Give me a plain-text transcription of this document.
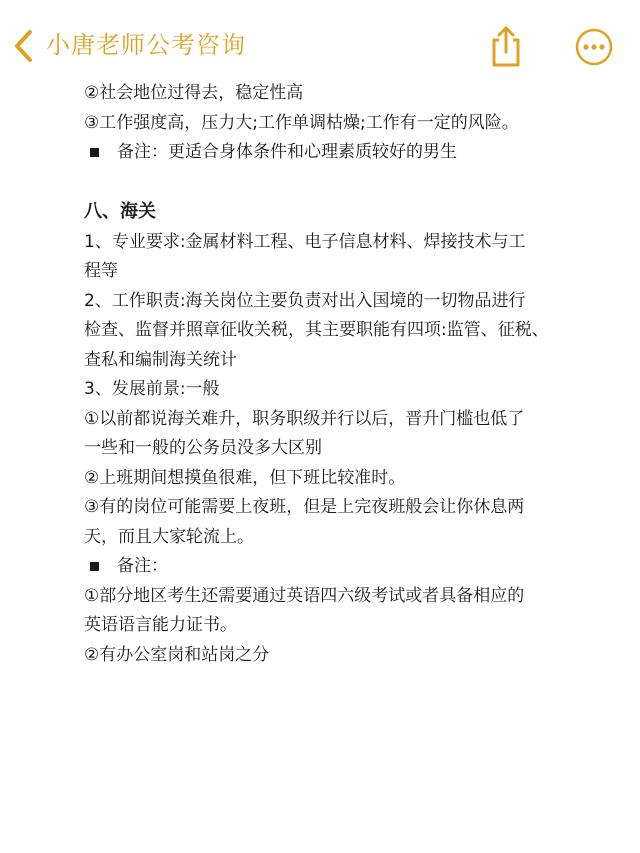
小唐老师公考咨询
②社会地位过得去，稳定性高
③工作强度高，压力大;工作单调枯燥;工作有一定的风险。
备注：更适合身体条件和心理素质较好的男生
八、海关
1、专业要求:金属材料工程、电子信息材料、焊接技术与工
程等
2、工作职责:海关岗位主要负责对出入国境的一切物品进行
检查、监督并照章征收关税，其主要职能有四项:监管、征税、
查私和编制海关统计
3、发展前景:一般
①以前都说海关难升，职务职级并行以后，晋升门槛也低了
一些和一般的公务员没多大区别
②上班期间想摸鱼很难，但下班比较准时。
③有的岗位可能需要上夜班，但是上完夜班般会让你休息两
天，而且大家轮流上。
备注：
①部分地区考生还需要通过英语四六级考试或者具备相应的
英语语言能力证书。
②有办公室岗和站岗之分
